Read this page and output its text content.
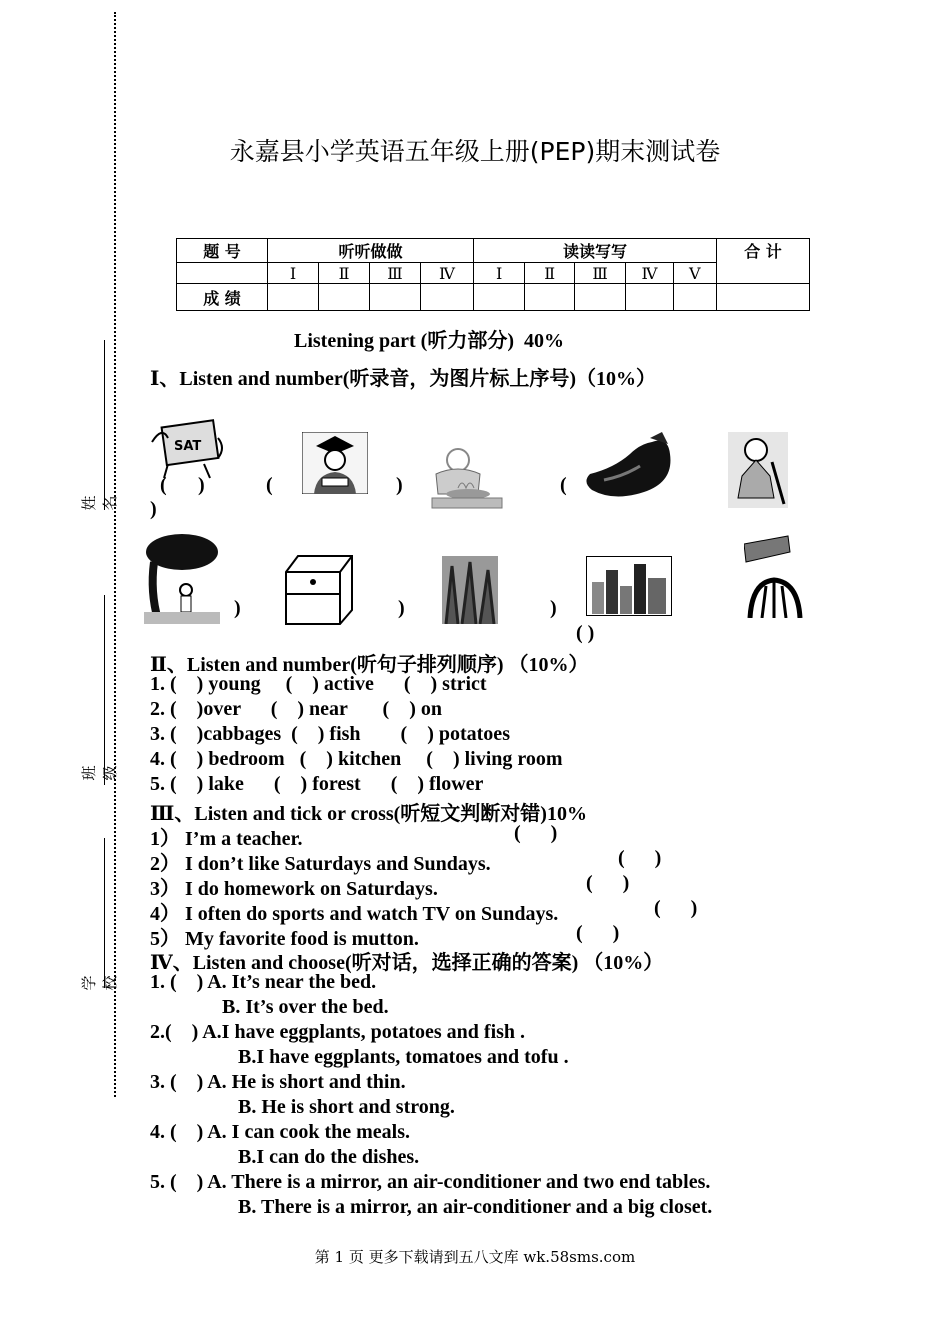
姓名
班级
学校
永嘉县小学英语五年级上册(PEP)期末测试卷
题 号	听听做做				读读写写					合 计
	Ⅰ	Ⅱ	Ⅲ	Ⅳ	Ⅰ	Ⅱ	Ⅲ	Ⅳ	Ⅴ	
成 绩										
Listening part (听力部分)  40%
Ⅰ、Listen and number(听录音，为图片标上序号)（10%）
SAT
( )
)
(	)	(
)	)	)
( )
Ⅱ、Listen and number(听句子排列顺序) （10%）
1. (    ) young     (    ) active      (    ) strict
2. (    )over      (    ) near       (    ) on
3. (    )cabbages  (    ) fish        (    ) potatoes
4. (    ) bedroom   (    ) kitchen     (    ) living room
5. (    ) lake      (    ) forest      (    ) flower
Ⅲ、Listen and tick or cross(听短文判断对错)10%
1） I’m a teacher.	(      )
2） I don’t like Saturdays and Sundays.	(      )
3） I do homework on Saturdays.	(      )
4） I often do sports and watch TV on Sundays.	(      )
5） My favorite food is mutton.	(      )
Ⅳ、Listen and choose(听对话，选择正确的答案) （10%）
1. (    ) A. It’s near the bed.
B. It’s over the bed.
2.(    ) A.I have eggplants, potatoes and fish .
B.I have eggplants, tomatoes and tofu .
3. (    ) A. He is short and thin.
B. He is short and strong.
4. (    ) A. I can cook the meals.
B.I can do the dishes.
5. (    ) A. There is a mirror, an air-conditioner and two end tables.
B. There is a mirror, an air-conditioner and a big closet.
第 1 页 更多下载请到五八文库 wk.58sms.com
